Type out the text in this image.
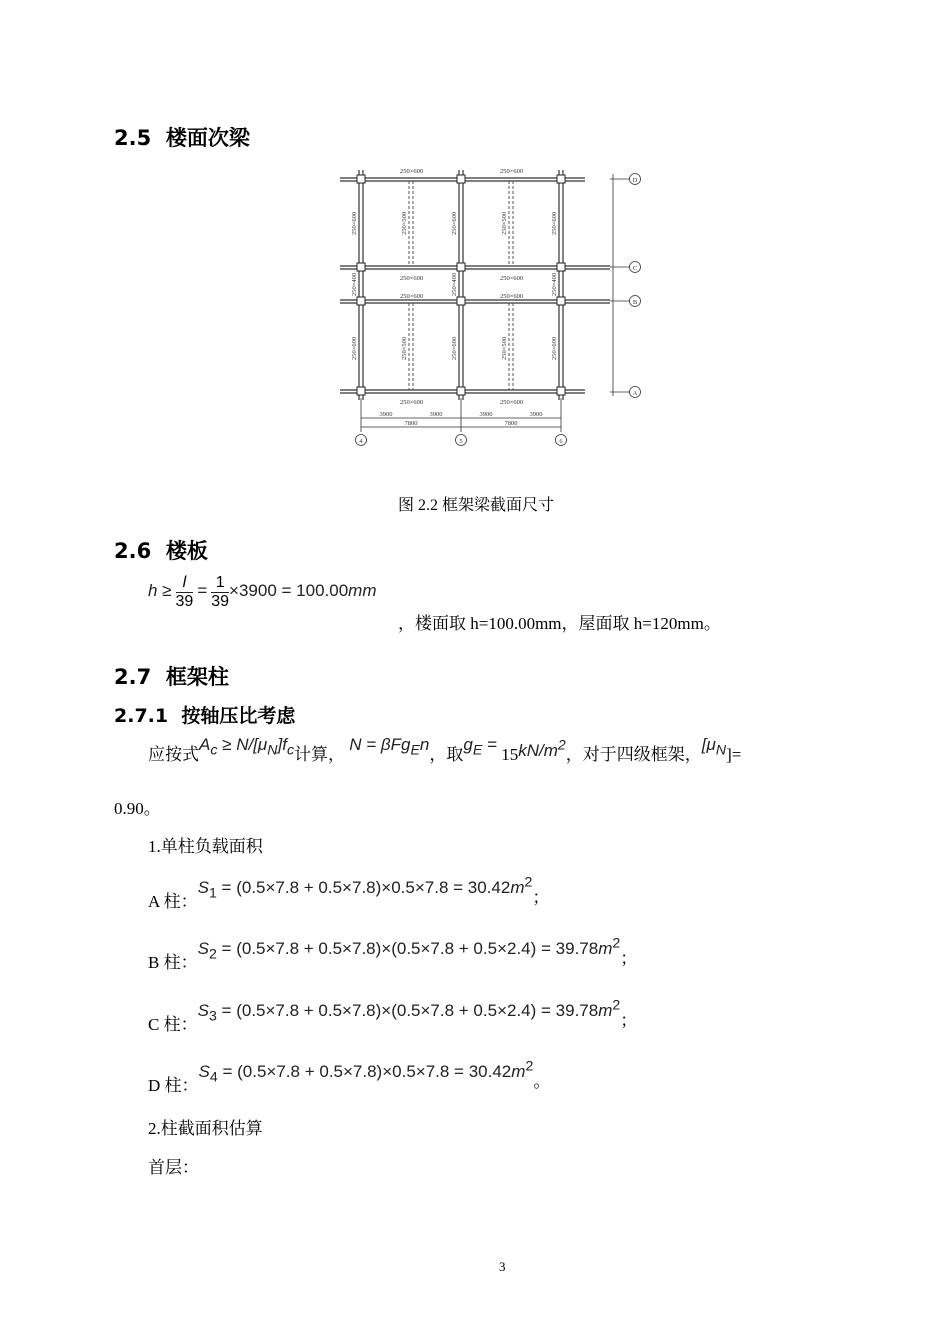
2.5 楼面次梁
250×600	250×600
250×600	250×600
250×600	250×600
250×600	250×600
250×600	250×500	250×600	250×500	250×600
250×400	250×400	250×400
250×600	250×500	250×600	250×500	250×600
D
C
B
A
4	5	6
3900	3900	3900	3900
7800	7800
图 2.2 框架梁截面尺寸
2.6 楼板
$h \ge \frac{l}{39} = \frac{1}{39} \times 3900 = 100.00mm$
，楼面取 h=100.00mm，屋面取 h=120mm。
2.7 框架柱
2.7.1 按轴压比考虑
应按式$A_c \ge N/[\mu_N]f_c$计算， N = βFg$_E$n，取$g_E = 15kN/m^2$，对于四级框架，$[\mu_N]=$
0.90。
1.单柱负载面积
A 柱：$S_1 = (0.5\times 7.8 + 0.5\times 7.8)\times 0.5\times 7.8 = 30.42m^2$；
B 柱：$S_2 = (0.5\times 7.8 + 0.5\times 7.8)\times(0.5\times 7.8 + 0.5\times 2.4) = 39.78m^2$；
C 柱：$S_3 = (0.5\times 7.8 + 0.5\times 7.8)\times(0.5\times 7.8 + 0.5\times 2.4) = 39.78m^2$；
D 柱：$S_4 = (0.5\times 7.8 + 0.5\times 7.8)\times 0.5\times 7.8 = 30.42m^2$。
2.柱截面积估算
首层：
3
